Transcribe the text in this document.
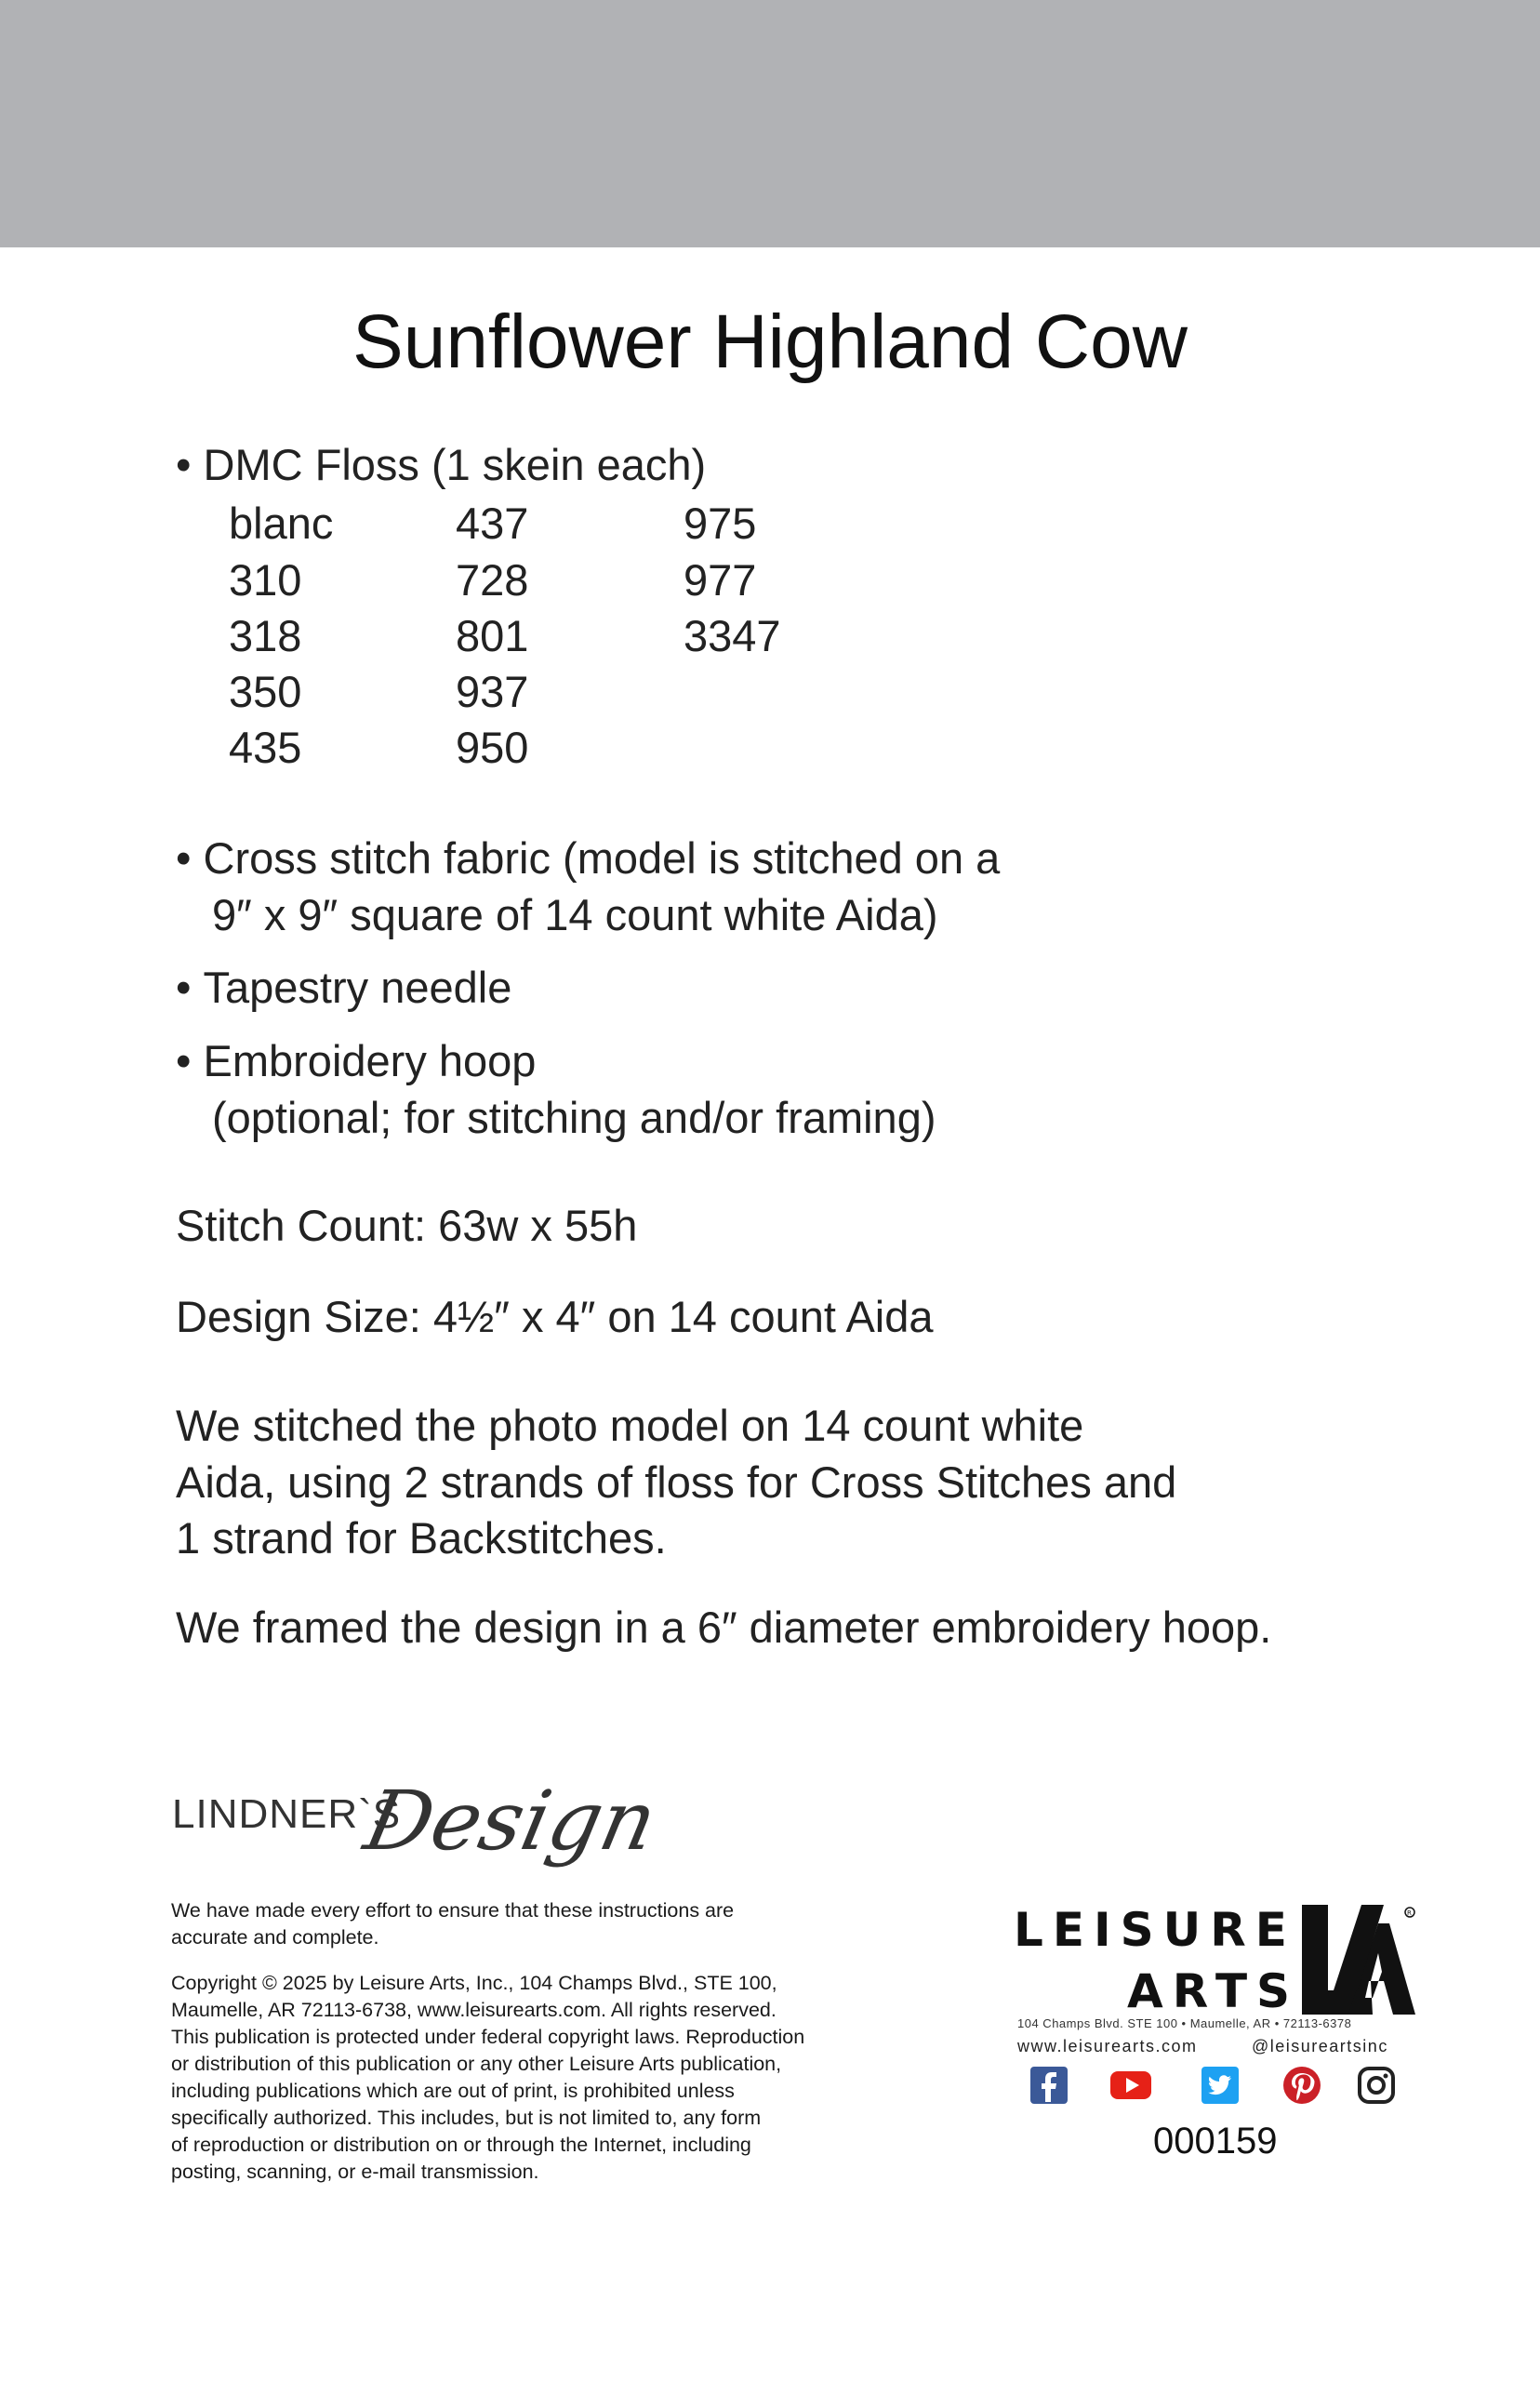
Sunflower Highland Cow
• DMC Floss (1 skein each)
blanc	437	975
310	728	977
318	801	3347
350	937
435	950
• Cross stitch fabric (model is stitched on a
9″ x 9″ square of 14 count white Aida)
• Tapestry needle
• Embroidery hoop
(optional; for stitching and/or framing)
Stitch Count: 63w x 55h
Design Size: 4½″ x 4″ on 14 count Aida
We stitched the photo model on 14 count white
Aida, using 2 strands of floss for Cross Stitches and
1 strand for Backstitches.
We framed the design in a 6″ diameter embroidery hoop.
LINDNER`S
Design
We have made every effort to ensure that these instructions are
accurate and complete.
Copyright © 2025 by Leisure Arts, Inc., 104 Champs Blvd., STE 100,
Maumelle, AR 72113-6738, www.leisurearts.com. All rights reserved.
This publication is protected under federal copyright laws. Reproduction
or distribution of this publication or any other Leisure Arts publication,
including publications which are out of print, is prohibited unless
specifically authorized. This includes, but is not limited to, any form
of reproduction or distribution on or through the Internet, including
posting, scanning, or e-mail transmission.
LEISURE
ARTS
R
104 Champs Blvd. STE 100 • Maumelle, AR • 72113-6378
www.leisurearts.com	@leisureartsinc
000159
